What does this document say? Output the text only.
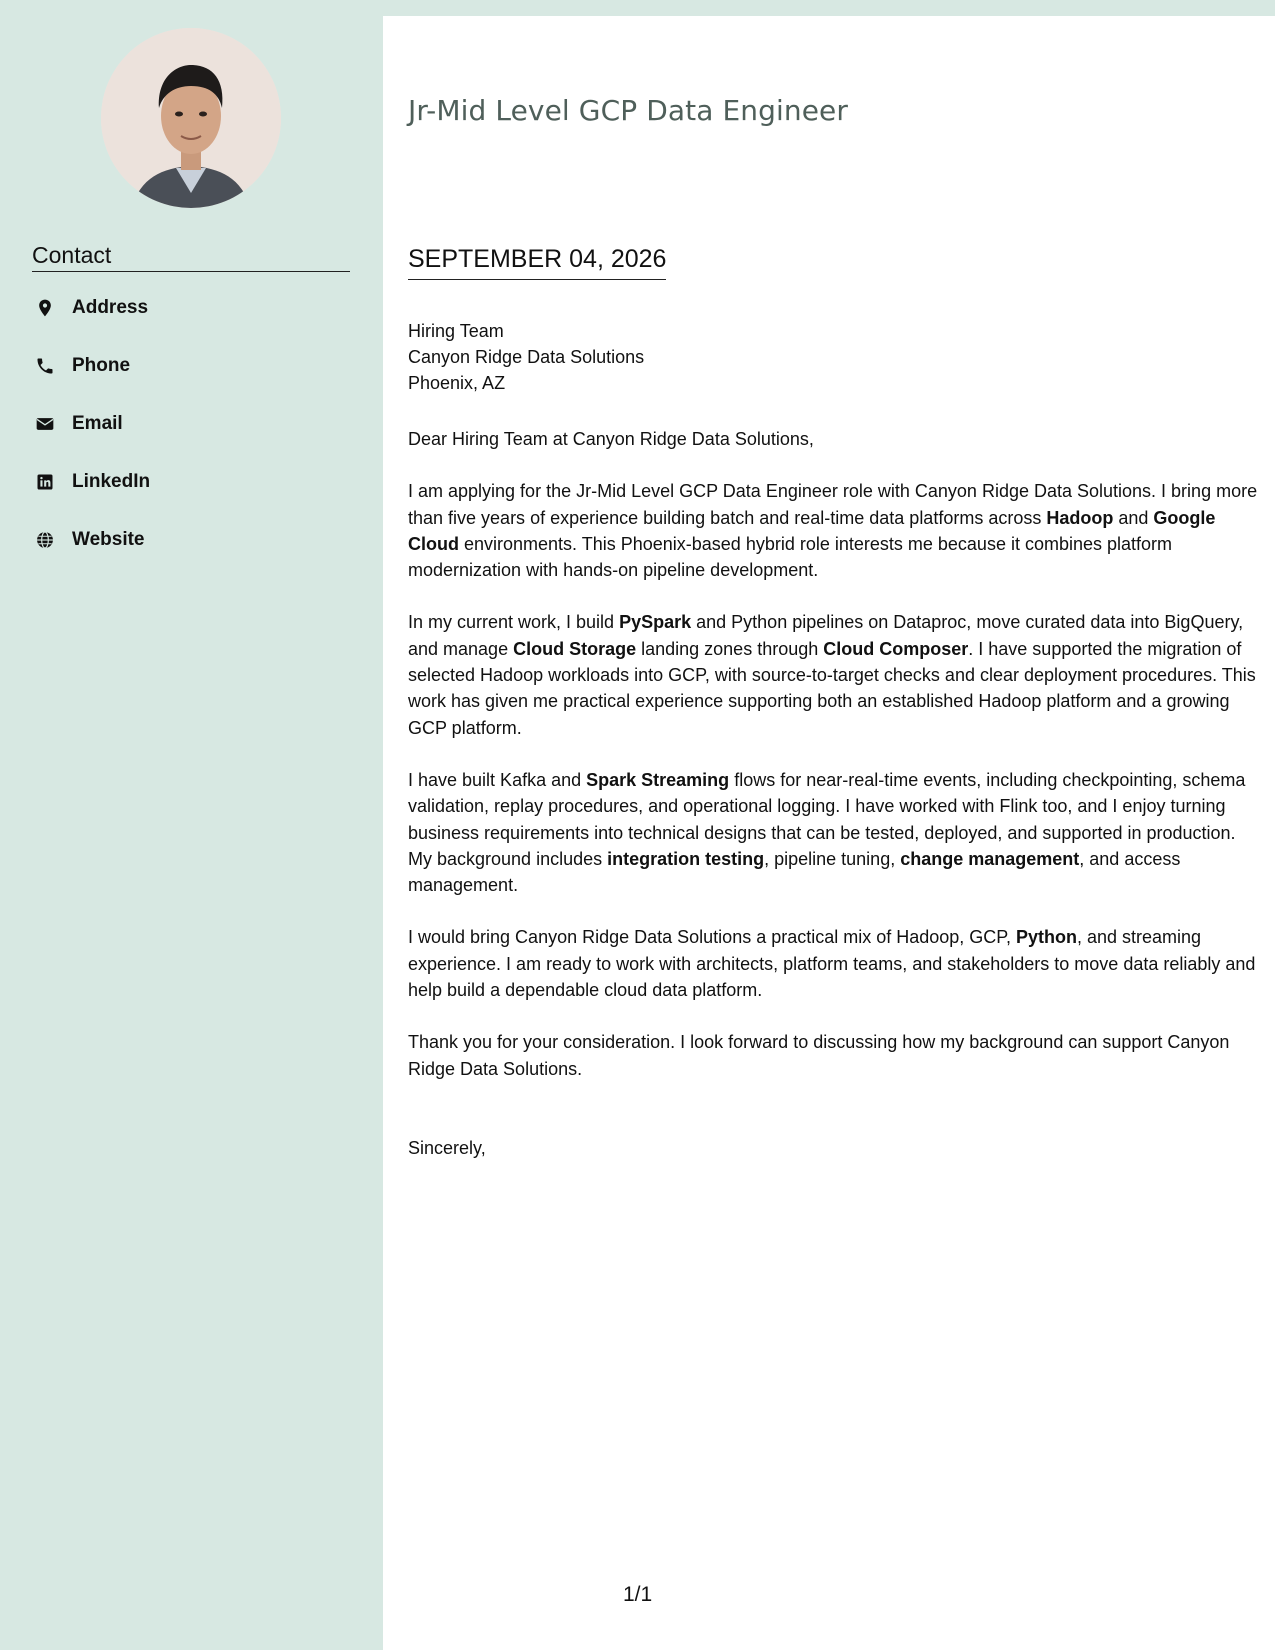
Contact
Address
Phone
Email
LinkedIn
Website
Jr-Mid Level GCP Data Engineer
SEPTEMBER 04, 2026
Hiring Team
Canyon Ridge Data Solutions
Phoenix, AZ

Dear Hiring Team at Canyon Ridge Data Solutions,

I am applying for the Jr-Mid Level GCP Data Engineer role with Canyon Ridge Data Solutions. I bring more than five years of experience building batch and real-time data platforms across Hadoop and Google Cloud environments. This Phoenix-based hybrid role interests me because it combines platform modernization with hands-on pipeline development.

In my current work, I build PySpark and Python pipelines on Dataproc, move curated data into BigQuery, and manage Cloud Storage landing zones through Cloud Composer. I have supported the migration of selected Hadoop workloads into GCP, with source-to-target checks and clear deployment procedures. This work has given me practical experience supporting both an established Hadoop platform and a growing GCP platform.

I have built Kafka and Spark Streaming flows for near-real-time events, including checkpointing, schema validation, replay procedures, and operational logging. I have worked with Flink too, and I enjoy turning business requirements into technical designs that can be tested, deployed, and supported in production. My background includes integration testing, pipeline tuning, change management, and access management.

I would bring Canyon Ridge Data Solutions a practical mix of Hadoop, GCP, Python, and streaming experience. I am ready to work with architects, platform teams, and stakeholders to move data reliably and help build a dependable cloud data platform.

Thank you for your consideration. I look forward to discussing how my background can support Canyon Ridge Data Solutions.

Sincerely,
1/1
